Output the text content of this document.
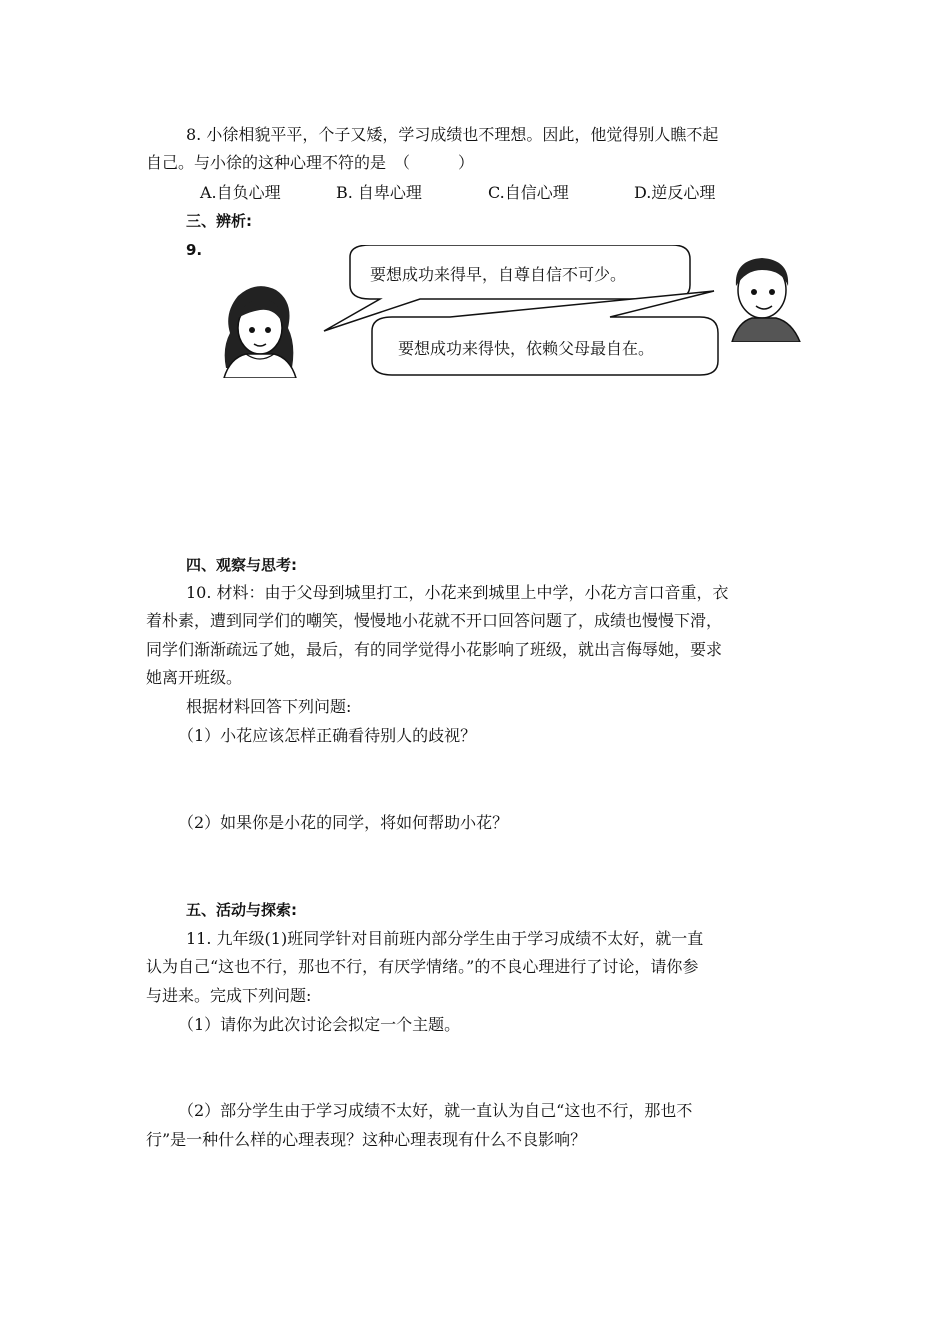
8. 小徐相貌平平，个子又矮，学习成绩也不理想。因此，他觉得别人瞧不起
自己。与小徐的这种心理不符的是　（　　　）
A.自负心理	B. 自卑心理	C.自信心理	D.逆反心理
三、辨析:
9.
要想成功来得早，自尊自信不可少。
要想成功来得快，依赖父母最自在。
四、观察与思考:
10. 材料：由于父母到城里打工，小花来到城里上中学，小花方言口音重，衣
着朴素，遭到同学们的嘲笑，慢慢地小花就不开口回答问题了，成绩也慢慢下滑，
同学们渐渐疏远了她，最后，有的同学觉得小花影响了班级，就出言侮辱她，要求
她离开班级。
根据材料回答下列问题:
（1）小花应该怎样正确看待别人的歧视？
（2）如果你是小花的同学，将如何帮助小花？
五、活动与探索:
11. 九年级(1)班同学针对目前班内部分学生由于学习成绩不太好，就一直
认为自己“这也不行，那也不行，有厌学情绪。”的不良心理进行了讨论，请你参
与进来。完成下列问题:
（1）请你为此次讨论会拟定一个主题。
（2）部分学生由于学习成绩不太好，就一直认为自己“这也不行，那也不
行”是一种什么样的心理表现？这种心理表现有什么不良影响？
